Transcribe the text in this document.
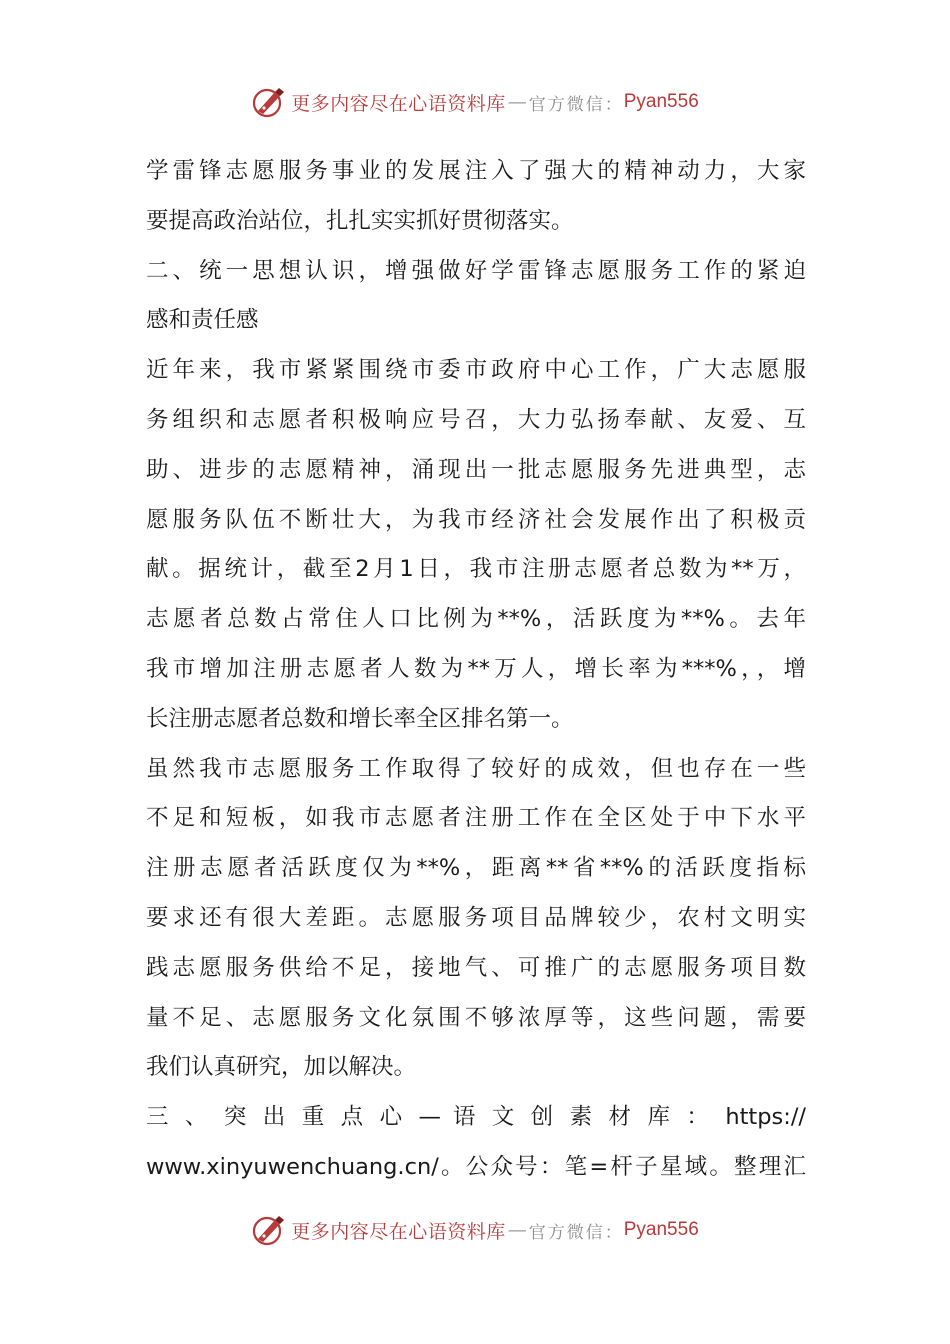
更多内容尽在心语资料库 — 官方微信： Pyan556
学雷锋志愿服务事业的发展注入了强大的精神动力，大家
要提高政治站位，扎扎实实抓好贯彻落实。
二、统一思想认识，增强做好学雷锋志愿服务工作的紧迫
感和责任感
近年来，我市紧紧围绕市委市政府中心工作，广大志愿服
务组织和志愿者积极响应号召，大力弘扬奉献、友爱、互
助、进步的志愿精神，涌现出一批志愿服务先进典型，志
愿服务队伍不断壮大，为我市经济社会发展作出了积极贡
献。据统计，截至2月1日，我市注册志愿者总数为**万，
志愿者总数占常住人口比例为**%，活跃度为**%。去年
我市增加注册志愿者人数为**万人，增长率为***%，，增
长注册志愿者总数和增长率全区排名第一。
虽然我市志愿服务工作取得了较好的成效，但也存在一些
不足和短板，如我市志愿者注册工作在全区处于中下水平
注册志愿者活跃度仅为**%，距离**省**%的活跃度指标
要求还有很大差距。志愿服务项目品牌较少，农村文明实
践志愿服务供给不足，接地气、可推广的志愿服务项目数
量不足、志愿服务文化氛围不够浓厚等，这些问题，需要
我们认真研究，加以解决。
三 、 突 出 重 点 心 — 语 文 创 素 材 库 ： https://
www.xinyuwenchuang.cn/。公众号：笔=杆子星域。整理汇
更多内容尽在心语资料库 — 官方微信： Pyan556
